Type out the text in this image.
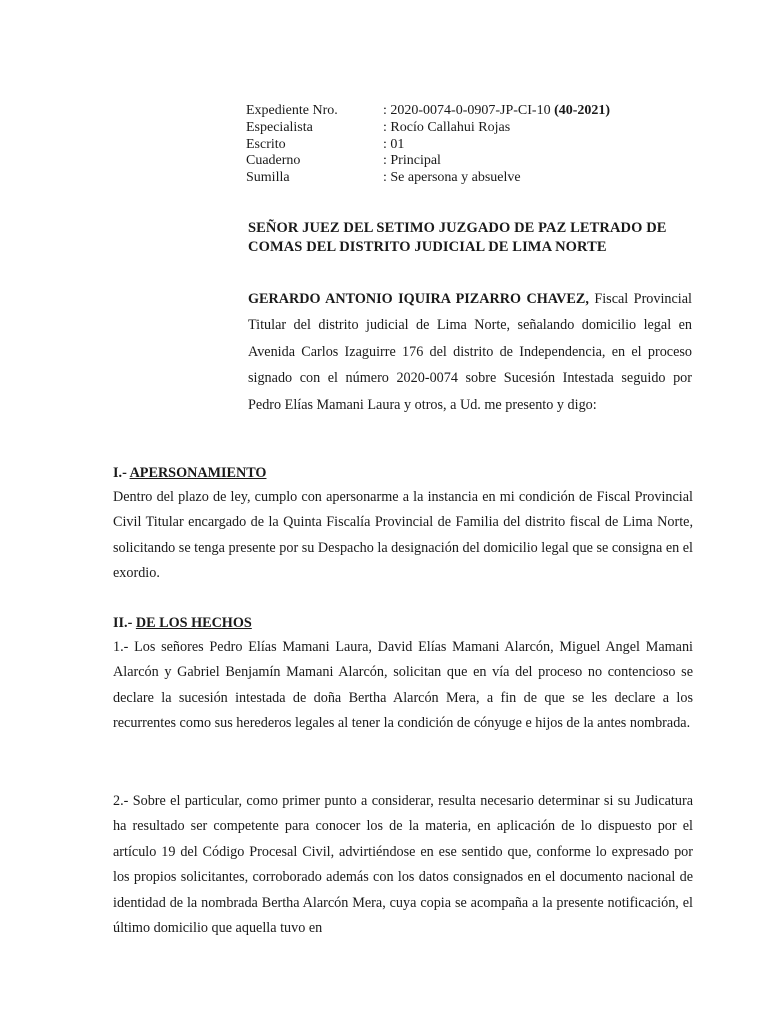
Expediente Nro.	: 2020-0074-0-0907-JP-CI-10 (40-2021)
Especialista	: Rocío Callahui Rojas
Escrito	: 01
Cuaderno	: Principal
Sumilla	: Se apersona y absuelve
SEÑOR JUEZ DEL SETIMO JUZGADO DE PAZ LETRADO DE COMAS DEL DISTRITO JUDICIAL DE LIMA NORTE
GERARDO ANTONIO IQUIRA PIZARRO CHAVEZ, Fiscal Provincial Titular del distrito judicial de Lima Norte, señalando domicilio legal en Avenida Carlos Izaguirre 176 del distrito de Independencia, en el proceso signado con el número 2020-0074 sobre Sucesión Intestada seguido por Pedro Elías Mamani Laura y otros, a Ud. me presento y digo:
I.- APERSONAMIENTO
Dentro del plazo de ley, cumplo con apersonarme a la instancia en mi condición de Fiscal Provincial Civil Titular encargado de la Quinta Fiscalía Provincial de Familia del distrito fiscal de Lima Norte, solicitando se tenga presente por su Despacho la designación del domicilio legal que se consigna en el exordio.
II.- DE LOS HECHOS
1.- Los señores Pedro Elías Mamani Laura, David Elías Mamani Alarcón, Miguel Angel Mamani Alarcón y Gabriel Benjamín Mamani Alarcón, solicitan que en vía del proceso no contencioso se declare la sucesión intestada de doña Bertha Alarcón Mera, a fin de que se les declare a los recurrentes como sus herederos legales al tener la condición de cónyuge e hijos de la antes nombrada.
2.- Sobre el particular, como primer punto a considerar, resulta necesario determinar si su Judicatura ha resultado ser competente para conocer los de la materia, en aplicación de lo dispuesto por el artículo 19 del Código Procesal Civil, advirtiéndose en ese sentido que, conforme lo expresado por los propios solicitantes, corroborado además con los datos consignados en el documento nacional de identidad de la nombrada Bertha Alarcón Mera, cuya copia se acompaña a la presente notificación, el último domicilio que aquella tuvo en
